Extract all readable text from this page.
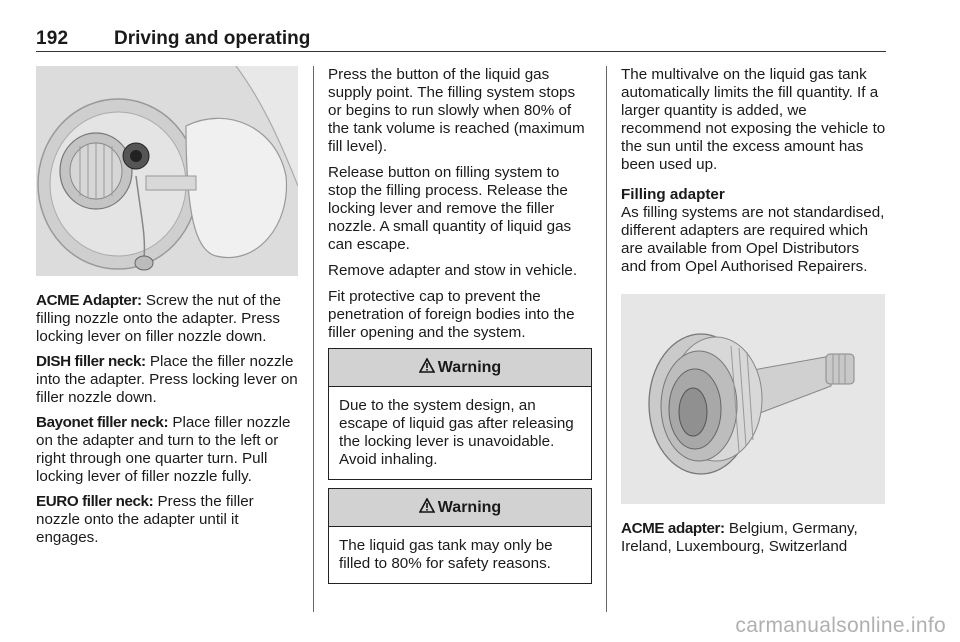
192 Driving and operating

ACME Adapter: Screw the nut of the filling nozzle onto the adapter. Press locking lever on filler nozzle down.

DISH filler neck: Place the filler nozzle into the adapter. Press locking lever on filler nozzle down.

Bayonet filler neck: Place filler nozzle on the adapter and turn to the left or right through one quarter turn. Pull locking lever of filler nozzle fully.

EURO filler neck: Press the filler nozzle onto the adapter until it engages.

Press the button of the liquid gas supply point. The filling system stops or begins to run slowly when 80% of the tank volume is reached (maximum fill level).

Release button on filling system to stop the filling process. Release the locking lever and remove the filler nozzle. A small quantity of liquid gas can escape.

Remove adapter and stow in vehicle.

Fit protective cap to prevent the penetration of foreign bodies into the filler opening and the system.

Warning
Due to the system design, an escape of liquid gas after releasing the locking lever is unavoidable. Avoid inhaling.
Warning
The liquid gas tank may only be filled to 80% for safety reasons.

The multivalve on the liquid gas tank automatically limits the fill quantity. If a larger quantity is added, we recommend not exposing the vehicle to the sun until the excess amount has been used up.

Filling adapter

As filling systems are not standardised, different adapters are required which are available from Opel Distributors and from Opel Authorised Repairers.

ACME adapter: Belgium, Germany, Ireland, Luxembourg, Switzerland

carmanualsonline.info
